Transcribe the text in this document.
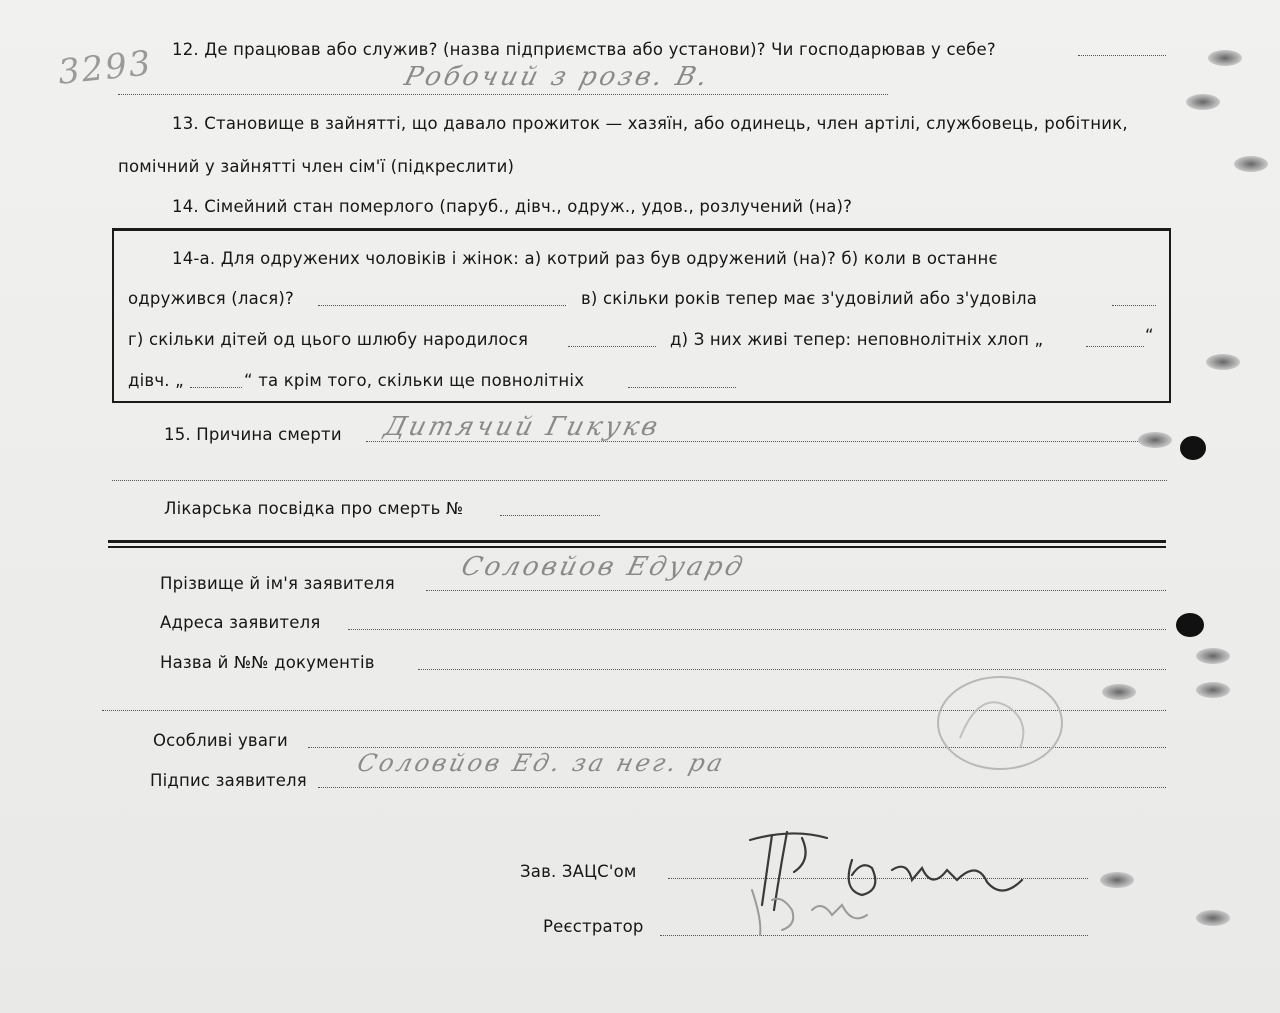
3293 12. Де працював або служив? (назва підприємства або установи)? Чи господарював у себе?
Робочий з розв. В.
13. Становище в зайнятті, що давало прожиток — хазяїн, або одинець, член артілі, службовець, робітник,
помічний у зайнятті член сім'ї (підкреслити)
14. Сімейний стан померлого (паруб., дівч., одруж., удов., розлучений (на)?
14-а. Для одружених чоловіків і жінок: а) котрий раз був одружений (на)? б) коли в останнє
одружився (лася)?	в) скільки років тепер має з'удовілий або з'удовіла
г) скільки дітей од цього шлюбу народилося	д) З них живі тепер: неповнолітніх хлоп „	“
дівч. „	“ та крім того, скільки ще повнолітніх
15. Причина смерти Дитячий Гикукв
Лікарська посвідка про смерть №
Прізвище й ім'я заявителя
Соловйов Едуард
Адреса заявителя
Назва й №№ документів
Особливі уваги
Підпис заявителя
Соловйов Ед. за нег. ра
Зав. ЗАЦС'ом
Реєстратор
